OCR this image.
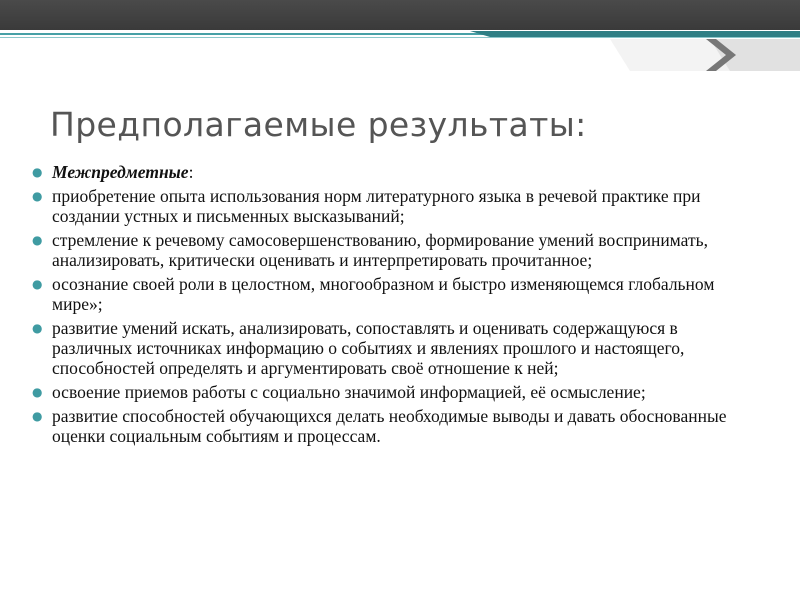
Предполагаемые результаты:
● Межпредметные:
● приобретение опыта использования норм литературного языка в речевой практике при создании устных и письменных высказываний;
● стремление к речевому самосовершенствованию, формирование умений воспринимать, анализировать, критически оценивать и интерпретировать прочитанное;
● осознание своей роли в целостном, многообразном и быстро изменяющемся глобальном мире»;
● развитие умений искать, анализировать, сопоставлять и оценивать содержащуюся в различных источниках информацию о событиях и явлениях прошлого и настоящего, способностей определять и аргументировать своё отношение к ней;
● освоение приемов работы с социально значимой информацией, её осмысление;
● развитие способностей обучающихся делать необходимые выводы и давать обоснованные оценки социальным событиям и процессам.
